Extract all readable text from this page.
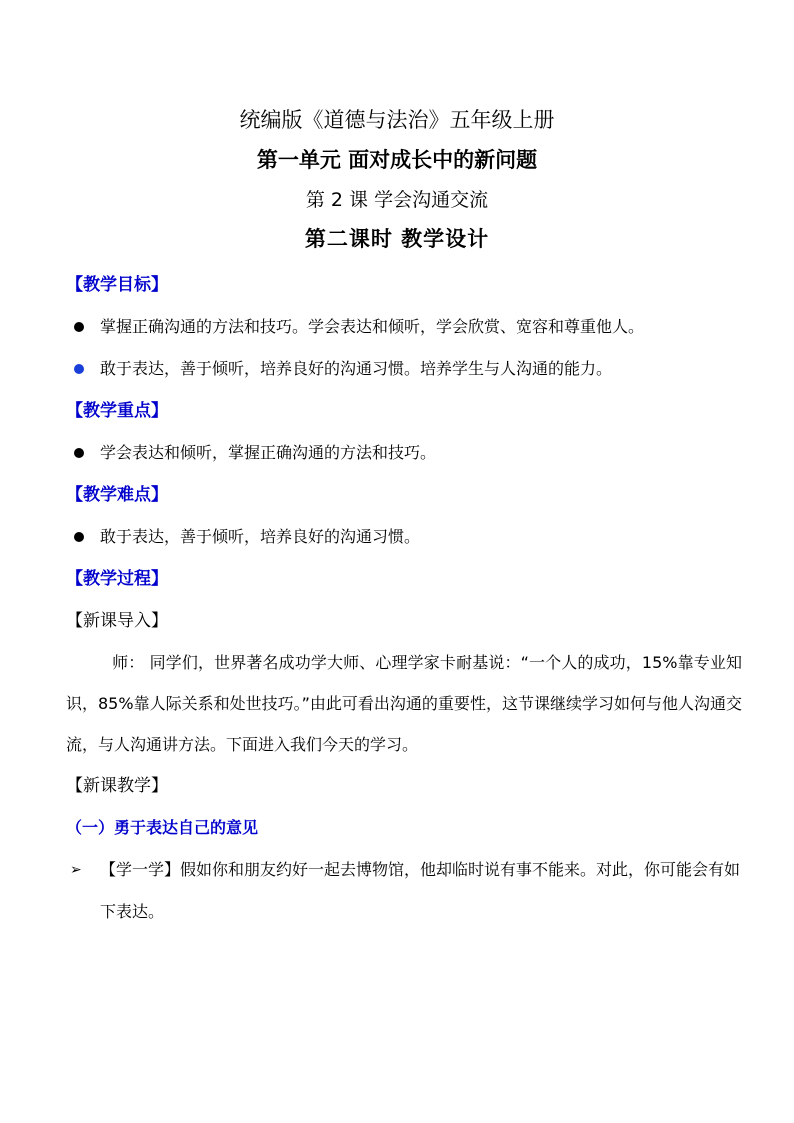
统编版《道德与法治》五年级上册
第一单元 面对成长中的新问题
第 2 课 学会沟通交流
第二课时 教学设计
【教学目标】
掌握正确沟通的方法和技巧。学会表达和倾听，学会欣赏、宽容和尊重他人。
敢于表达，善于倾听，培养良好的沟通习惯。培养学生与人沟通的能力。
【教学重点】
学会表达和倾听，掌握正确沟通的方法和技巧。
【教学难点】
敢于表达，善于倾听，培养良好的沟通习惯。
【教学过程】
【新课导入】
师： 同学们，世界著名成功学大师、心理学家卡耐基说：“一个人的成功，15%靠专业知识，85%靠人际关系和处世技巧。”由此可看出沟通的重要性，这节课继续学习如何与他人沟通交流，与人沟通讲方法。下面进入我们今天的学习。
【新课教学】
（一）勇于表达自己的意见
➢ 【学一学】假如你和朋友约好一起去博物馆，他却临时说有事不能来。对此，你可能会有如下表达。
